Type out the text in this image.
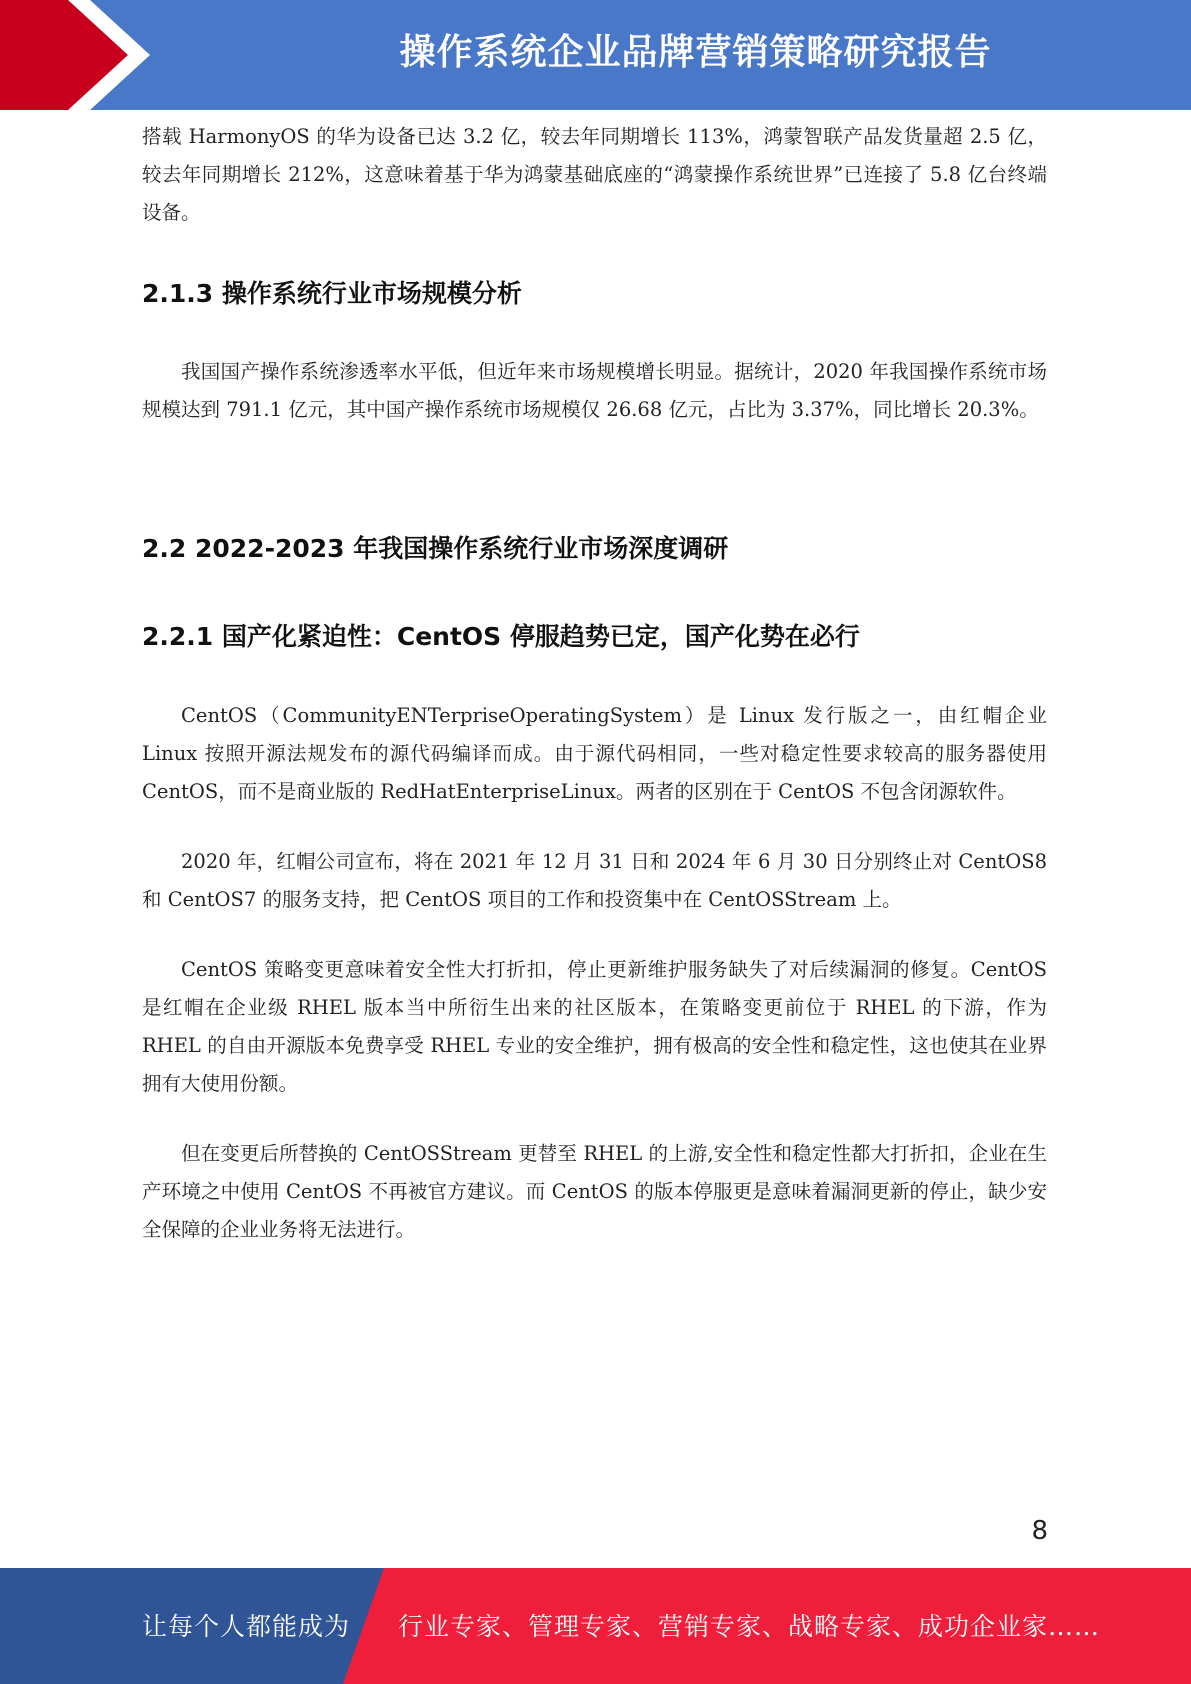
操作系统企业品牌营销策略研究报告

搭载 HarmonyOS 的华为设备已达 3.2 亿，较去年同期增长 113%，鸿蒙智联产品发货量超 2.5 亿，较去年同期增长 212%，这意味着基于华为鸿蒙基础底座的“鸿蒙操作系统世界”已连接了 5.8 亿台终端设备。

2.1.3 操作系统行业市场规模分析

我国国产操作系统渗透率水平低，但近年来市场规模增长明显。据统计，2020 年我国操作系统市场规模达到 791.1 亿元，其中国产操作系统市场规模仅 26.68 亿元，占比为 3.37%，同比增长 20.3%。

2.2 2022-2023 年我国操作系统行业市场深度调研
2.2.1 国产化紧迫性：CentOS 停服趋势已定，国产化势在必行

CentOS（CommunityENTerpriseOperatingSystem）是 Linux 发行版之一，由红帽企业 Linux 按照开源法规发布的源代码编译而成。由于源代码相同，一些对稳定性要求较高的服务器使用 CentOS，而不是商业版的 RedHatEnterpriseLinux。两者的区别在于 CentOS 不包含闭源软件。

2020 年，红帽公司宣布，将在 2021 年 12 月 31 日和 2024 年 6 月 30 日分别终止对 CentOS8 和 CentOS7 的服务支持，把 CentOS 项目的工作和投资集中在 CentOSStream 上。

CentOS 策略变更意味着安全性大打折扣，停止更新维护服务缺失了对后续漏洞的修复。CentOS 是红帽在企业级 RHEL 版本当中所衍生出来的社区版本，在策略变更前位于 RHEL 的下游，作为 RHEL 的自由开源版本免费享受 RHEL 专业的安全维护，拥有极高的安全性和稳定性，这也使其在业界拥有大使用份额。

但在变更后所替换的 CentOSStream 更替至 RHEL 的上游,安全性和稳定性都大打折扣，企业在生产环境之中使用 CentOS 不再被官方建议。而 CentOS 的版本停服更是意味着漏洞更新的停止，缺少安全保障的企业业务将无法进行。

8
让每个人都能成为 行业专家、管理专家、营销专家、战略专家、成功企业家……
